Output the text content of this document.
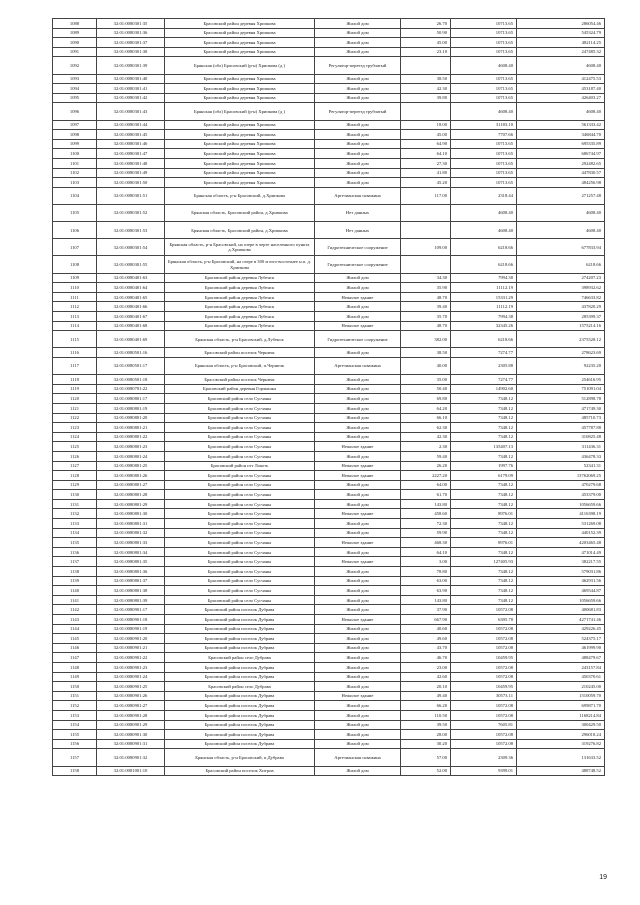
1088	32:01:0080301:35	Брасовский район деревня Хрипкова	Жилой дом	26.70	10713.65	286054.46
1089	32:01:0080301:36	Брасовский район деревня Хрипкова	Жилой дом	50.90	10713.65	545324.79
1090	32:01:0080301:37	Брасовский район деревня Хрипкова	Жилой дом	45.00	10713.65	482114.25
1091	32:01:0080301:38	Брасовский район деревня Хрипкова	Жилой дом	23.10	10713.65	247485.32
1092	32:01:0080301:39	Брянская (обл) Брасовский (р-н) Хрипкова (д )	Регулятор-переезд трубчатый		4608.40	4608.40
1093	32:01:0080301:40	Брасовский район деревня Хрипкова	Жилой дом	38.50	10713.65	412475.53
1094	32:01:0080301:41	Брасовский район деревня Хрипкова	Жилой дом	42.30	10713.65	453187.40
1095	32:01:0080301:42	Брасовский район деревня Хрипкова	Жилой дом	39.80	10713.65	426403.27
1096	32:01:0080301:43	Брянская (обл) Брасовский (р-н) Хрипкова (д )	Регулятор-переезд трубчатый		4608.40	4608.40
1097	32:01:0080301:44	Брасовский район деревня Хрипкова	Жилой дом	18.00	31183.10	561333.42
1098	32:01:0080301:45	Брасовский район деревня Хрипкова	Жилой дом	45.00	7707.66	346844.70
1099	32:01:0080301:46	Брасовский район деревня Хрипкова	Жилой дом	64.90	10713.65	695335.89
1100	32:01:0080301:47	Брасовский район деревня Хрипкова	Жилой дом	64.10	10713.65	686744.97
1101	32:01:0080301:48	Брасовский район деревня Хрипкова	Жилой дом	27.30	10713.65	292482.65
1102	32:01:0080301:49	Брасовский район деревня Хрипкова	Жилой дом	41.80	10713.65	447830.57
1103	32:01:0080301:50	Брасовский район деревня Хрипкова	Жилой дом	45.20	10713.65	484256.98
1104	32:01:0080301:51	Брянская область, р-н Брасовский, д.Хрипкова	Артезианская скважина	117.00	2318.44	271257.48
1105	32:01:0080301:52	Брянская область, Брасовский район, д.Хрипкова	Нет данных		4608.40	4608.40
1106	32:01:0080301:53	Брянская область, Брасовский район, д.Хрипкова	Нет данных		4608.40	4608.40
1107	32:01:0080301:54	Брянская область, р-н Брасовский, на озере в черте населенного пункта д.Хрипкова	Гидротехническое сооружение	109.00	6218.66	677833.94
1108	32:01:0080301:55	Брянская область, р-н Брасовский, на озере в 300 м юго-восточнее н.п. д. Хрипкова	Гидротехническое сооружение		6218.66	6218.66
1109	32:01:0080401:63	Брасовский район деревня Лубенск	Жилой дом	34.30	7994.38	274207.23
1110	32:01:0080401:64	Брасовский район деревня Лубенск	Жилой дом	35.90	11112.19	398932.62
1111	32:01:0080401:65	Брасовский район деревня Лубенск	Нежилое здание	48.70	15331.29	746633.82
1112	32:01:0080401:66	Брасовский район деревня Лубенск	Жилой дом	39.40	11112.19	437820.29
1113	32:01:0080401:67	Брасовский район деревня Лубенск	Жилой дом	35.70	7994.38	285399.37
1114	32:01:0080401:68	Брасовский район деревня Лубенск	Нежилое здание	48.70	32345.26	1575214.16
1115	32:01:0080401:69	Брянская область, р-н Брасовский, д.Лубенск	Гидротехническое сооружение	382.00	6218.66	2375528.12
1116	32:01:0080501:16	Брасовский район поселок Черничк	Жилой дом	38.50	7274.77	278623.69
1117	32:01:0080501:17	Брянская область, р-н Брасовский, п.Черничк	Артезианская скважина	40.00	2305.88	92235.20
1118	32:01:0080501:18	Брасовский район поселок Черничк	Жилой дом	35.00	7274.77	254616.95
1119	32:01:0080701:22	Брасовский район деревня Горлышка	Жилой дом	50.40	14902.60	751091.04
1120	32:01:0080801:17	Брасовский район село Сусчаны	Жилой дом	69.80	7348.12	512898.78
1121	32:01:0080801:19	Брасовский район село Сусчаны	Жилой дом	64.20	7348.12	471749.30
1122	32:01:0080801:20	Брасовский район село Сусчаны	Жилой дом	66.10	7348.12	485710.73
1123	32:01:0080801:21	Брасовский район село Сусчаны	Жилой дом	62.30	7348.12	457787.88
1124	32:01:0080801:22	Брасовский район село Сусчаны	Жилой дом	42.30	7348.12	310825.48
1125	32:01:0080801:23	Брасовский район село Сусчаны	Нежилое здание	2.30	135407.13	311436.31
1126	32:01:0080801:24	Брасовский район село Сусчаны	Жилой дом	59.40	7348.12	436478.33
1127	32:01:0080801:25	Брасовский район пгт Локоть	Нежилое здание	26.20	1997.76	52341.31
1128	32:01:0080801:26	Брасовский район село Сусчаны	Нежилое здание	2227.20	6179.09	13762069.25
1129	32:01:0080801:27	Брасовский район село Сусчаны	Жилой дом	64.00	7348.12	470279.68
1130	32:01:0080801:28	Брасовский район село Сусчаны	Жилой дом	61.70	7348.12	453379.00
1131	32:01:0080801:29	Брасовский район село Сусчаны	Жилой дом	143.80	7348.12	1056659.66
1132	32:01:0080801:30	Брасовский район село Сусчаны	Нежилое здание	458.60	8976.01	4116398.19
1133	32:01:0080801:31	Брасовский район село Сусчаны	Жилой дом	72.30	7348.12	531269.08
1134	32:01:0080801:32	Брасовский район село Сусчаны	Жилой дом	59.90	7348.12	440152.39
1135	32:01:0080801:33	Брасовский район село Сусчаны	Нежилое здание	468.30	8976.01	4203465.48
1136	32:01:0080801:34	Брасовский район село Сусчаны	Жилой дом	64.10	7348.12	471014.49
1137	32:01:0080801:35	Брасовский район село Сусчаны	Нежилое здание	3.00	127405.93	382217.55
1138	32:01:0080801:36	Брасовский район село Сусчаны	Жилой дом	78.80	7348.12	579031.86
1139	32:01:0080801:37	Брасовский район село Сусчаны	Жилой дом	63.00	7348.12	462931.56
1140	32:01:0080801:38	Брасовский район село Сусчаны	Жилой дом	63.90	7348.12	469544.87
1141	32:01:0080801:39	Брасовский район село Сусчаны	Жилой дом	143.80	7348.12	1056659.66
1142	32:01:0080901:17	Брасовский район поселок Дубрава	Жилой дом	37.90	10572.08	400681.83
1143	32:01:0080901:18	Брасовский район поселок Дубрава	Нежилое здание	667.90	6395.78	4271741.46
1144	32:01:0080901:19	Брасовский район поселок Дубрава	Жилой дом	40.60	10572.08	429226.45
1145	32:01:0080901:20	Брасовский район поселок Дубрава	Жилой дом	49.60	10572.08	524375.17
1146	32:01:0080901:21	Брасовский район поселок Дубрава	Жилой дом	43.70	10572.08	461999.90
1147	32:01:0080901:22	Брасовский район село Дубрава	Жилой дом	46.70	10459.95	488479.67
1148	32:01:0080901:23	Брасовский район поселок Дубрава	Жилой дом	23.00	10572.08	243157.84
1149	32:01:0080901:24	Брасовский район поселок Дубрава	Жилой дом	42.60	10572.08	450370.61
1150	32:01:0080901:25	Брасовский район село Дубрава	Жилой дом	20.10	10459.95	210245.00
1151	32:01:0080901:26	Брасовский район поселок Дубрава	Нежилое здание	49.40	30573.11	1510059.70
1152	32:01:0080901:27	Брасовский район поселок Дубрава	Жилой дом	66.20	10572.08	699871.70
1153	32:01:0080901:28	Брасовский район поселок Дубрава	Жилой дом	110.50	10572.08	1168214.84
1154	32:01:0080901:29	Брасовский район поселок Дубрава	Жилой дом	39.50	7605.81	300429.50
1155	32:01:0080901:30	Брасовский район поселок Дубрава	Жилой дом	28.00	10572.08	296018.24
1156	32:01:0080901:31	Брасовский район поселок Дубрава	Жилой дом	30.20	10572.08	319276.82
1157	32:01:0080901:32	Брянская область, р-н Брасовский, п.Дубрава	Артезианская скважина	57.00	2309.36	131633.52
1158	32:01:0081001:10	Брасовский район поселок Хитров	Жилой дом	52.00	9399.01	488748.52
19
